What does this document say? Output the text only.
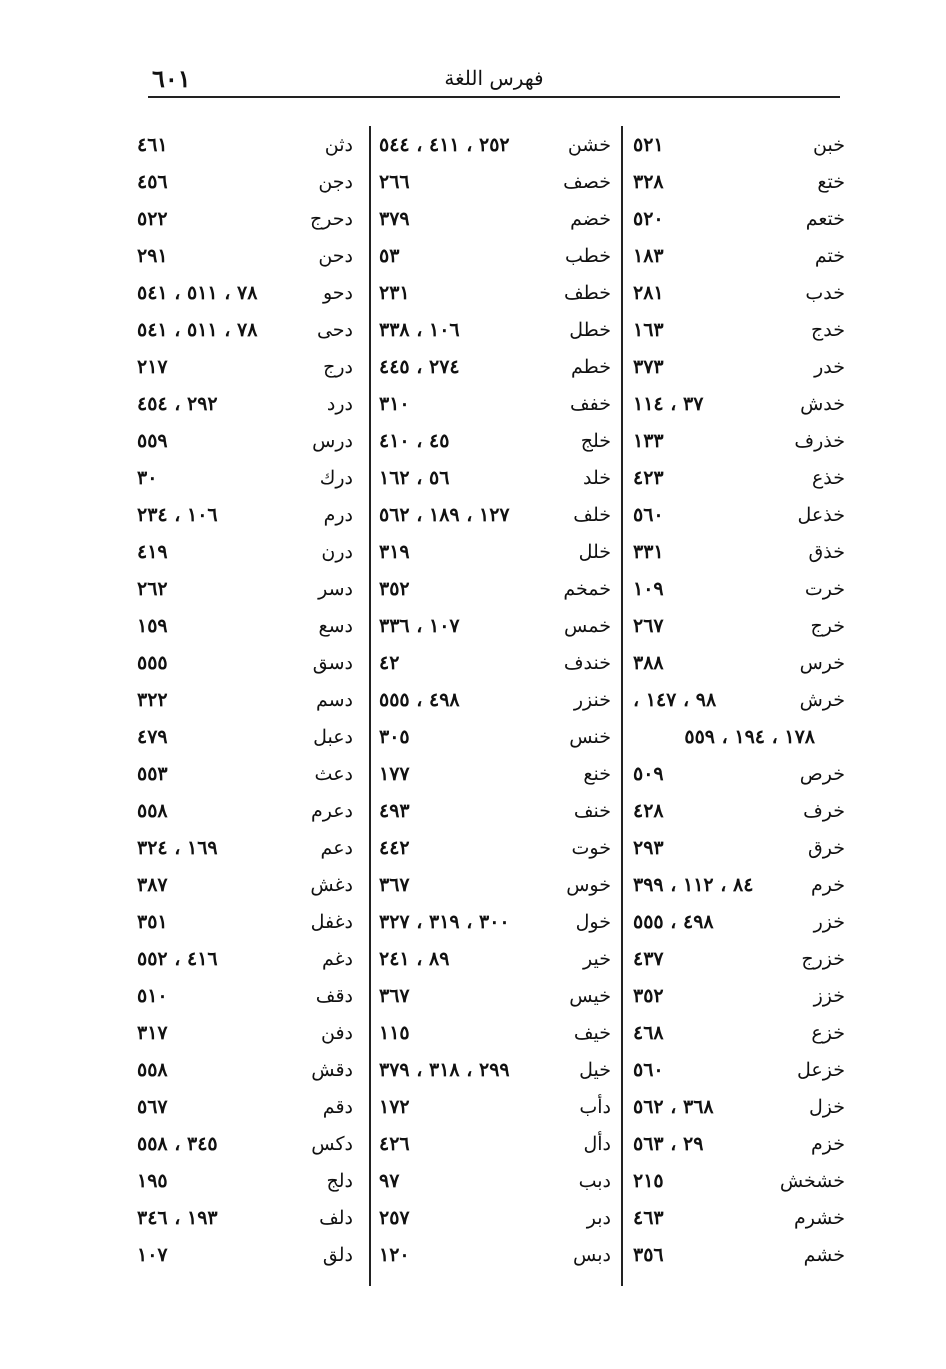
٦٠١	فهرس اللغة
خبن
٥٢١
ختع
٣٢٨
ختعم
٥٢٠
ختم
١٨٣
خدب
٢٨١
خدج
١٦٣
خدر
٣٧٣
خدش
٣٧ ، ١١٤
خذرف
١٣٣
خذع
٤٢٣
خذعل
٥٦٠
خذق
٣٣١
خرت
١٠٩
خرج
٢٦٧
خرس
٣٨٨
خرش
٩٨ ، ١٤٧ ،
١٧٨ ، ١٩٤ ، ٥٥٩
خرص
٥٠٩
خرف
٤٢٨
خرق
٢٩٣
خرم
٨٤ ، ١١٢ ، ٣٩٩
خزر
٤٩٨ ، ٥٥٥
خزرج
٤٣٧
خزز
٣٥٢
خزع
٤٦٨
خزعل
٥٦٠
خزل
٣٦٨ ، ٥٦٢
خزم
٢٩ ، ٥٦٣
خشخش
٢١٥
خشرم
٤٦٣
خشم
٣٥٦
خشن
٢٥٢ ، ٤١١ ، ٥٤٤
خصف
٢٦٦
خضم
٣٧٩
خطب
٥٣
خطف
٢٣١
خطل
١٠٦ ، ٣٣٨
خطم
٢٧٤ ، ٤٤٥
خفف
٣١٠
خلج
٤٥ ، ٤١٠
خلد
٥٦ ، ١٦٢
خلف
١٢٧ ، ١٨٩ ، ٥٦٢
خلل
٣١٩
خمخم
٣٥٢
خمس
١٠٧ ، ٣٣٦
خندف
٤٢
خنزر
٤٩٨ ، ٥٥٥
خنس
٣٠٥
خنع
١٧٧
خنف
٤٩٣
خوت
٤٤٢
خوس
٣٦٧
خول
٣٠٠ ، ٣١٩ ، ٣٢٧
خير
٨٩ ، ٢٤١
خيس
٣٦٧
خيف
١١٥
خيل
٢٩٩ ، ٣١٨ ، ٣٧٩
دأب
١٧٢
دأل
٤٢٦
دبب
٩٧
دبر
٢٥٧
دبس
١٢٠
دثن
٤٦١
دجن
٤٥٦
دحرج
٥٢٢
دحن
٢٩١
دحو
٧٨ ، ٥١١ ، ٥٤١
دحى
٧٨ ، ٥١١ ، ٥٤١
درج
٢١٧
درد
٢٩٢ ، ٤٥٤
درس
٥٥٩
درك
٣٠
درم
١٠٦ ، ٢٣٤
درن
٤١٩
دسر
٢٦٢
دسع
١٥٩
دسق
٥٥٥
دسم
٣٢٢
دعبل
٤٧٩
دعث
٥٥٣
دعرم
٥٥٨
دعم
١٦٩ ، ٣٢٤
دغش
٣٨٧
دغفل
٣٥١
دغم
٤١٦ ، ٥٥٢
دقف
٥١٠
دفن
٣١٧
دقش
٥٥٨
دقم
٥٦٧
دكس
٣٤٥ ، ٥٥٨
دلج
١٩٥
دلف
١٩٣ ، ٣٤٦
دلق
١٠٧
